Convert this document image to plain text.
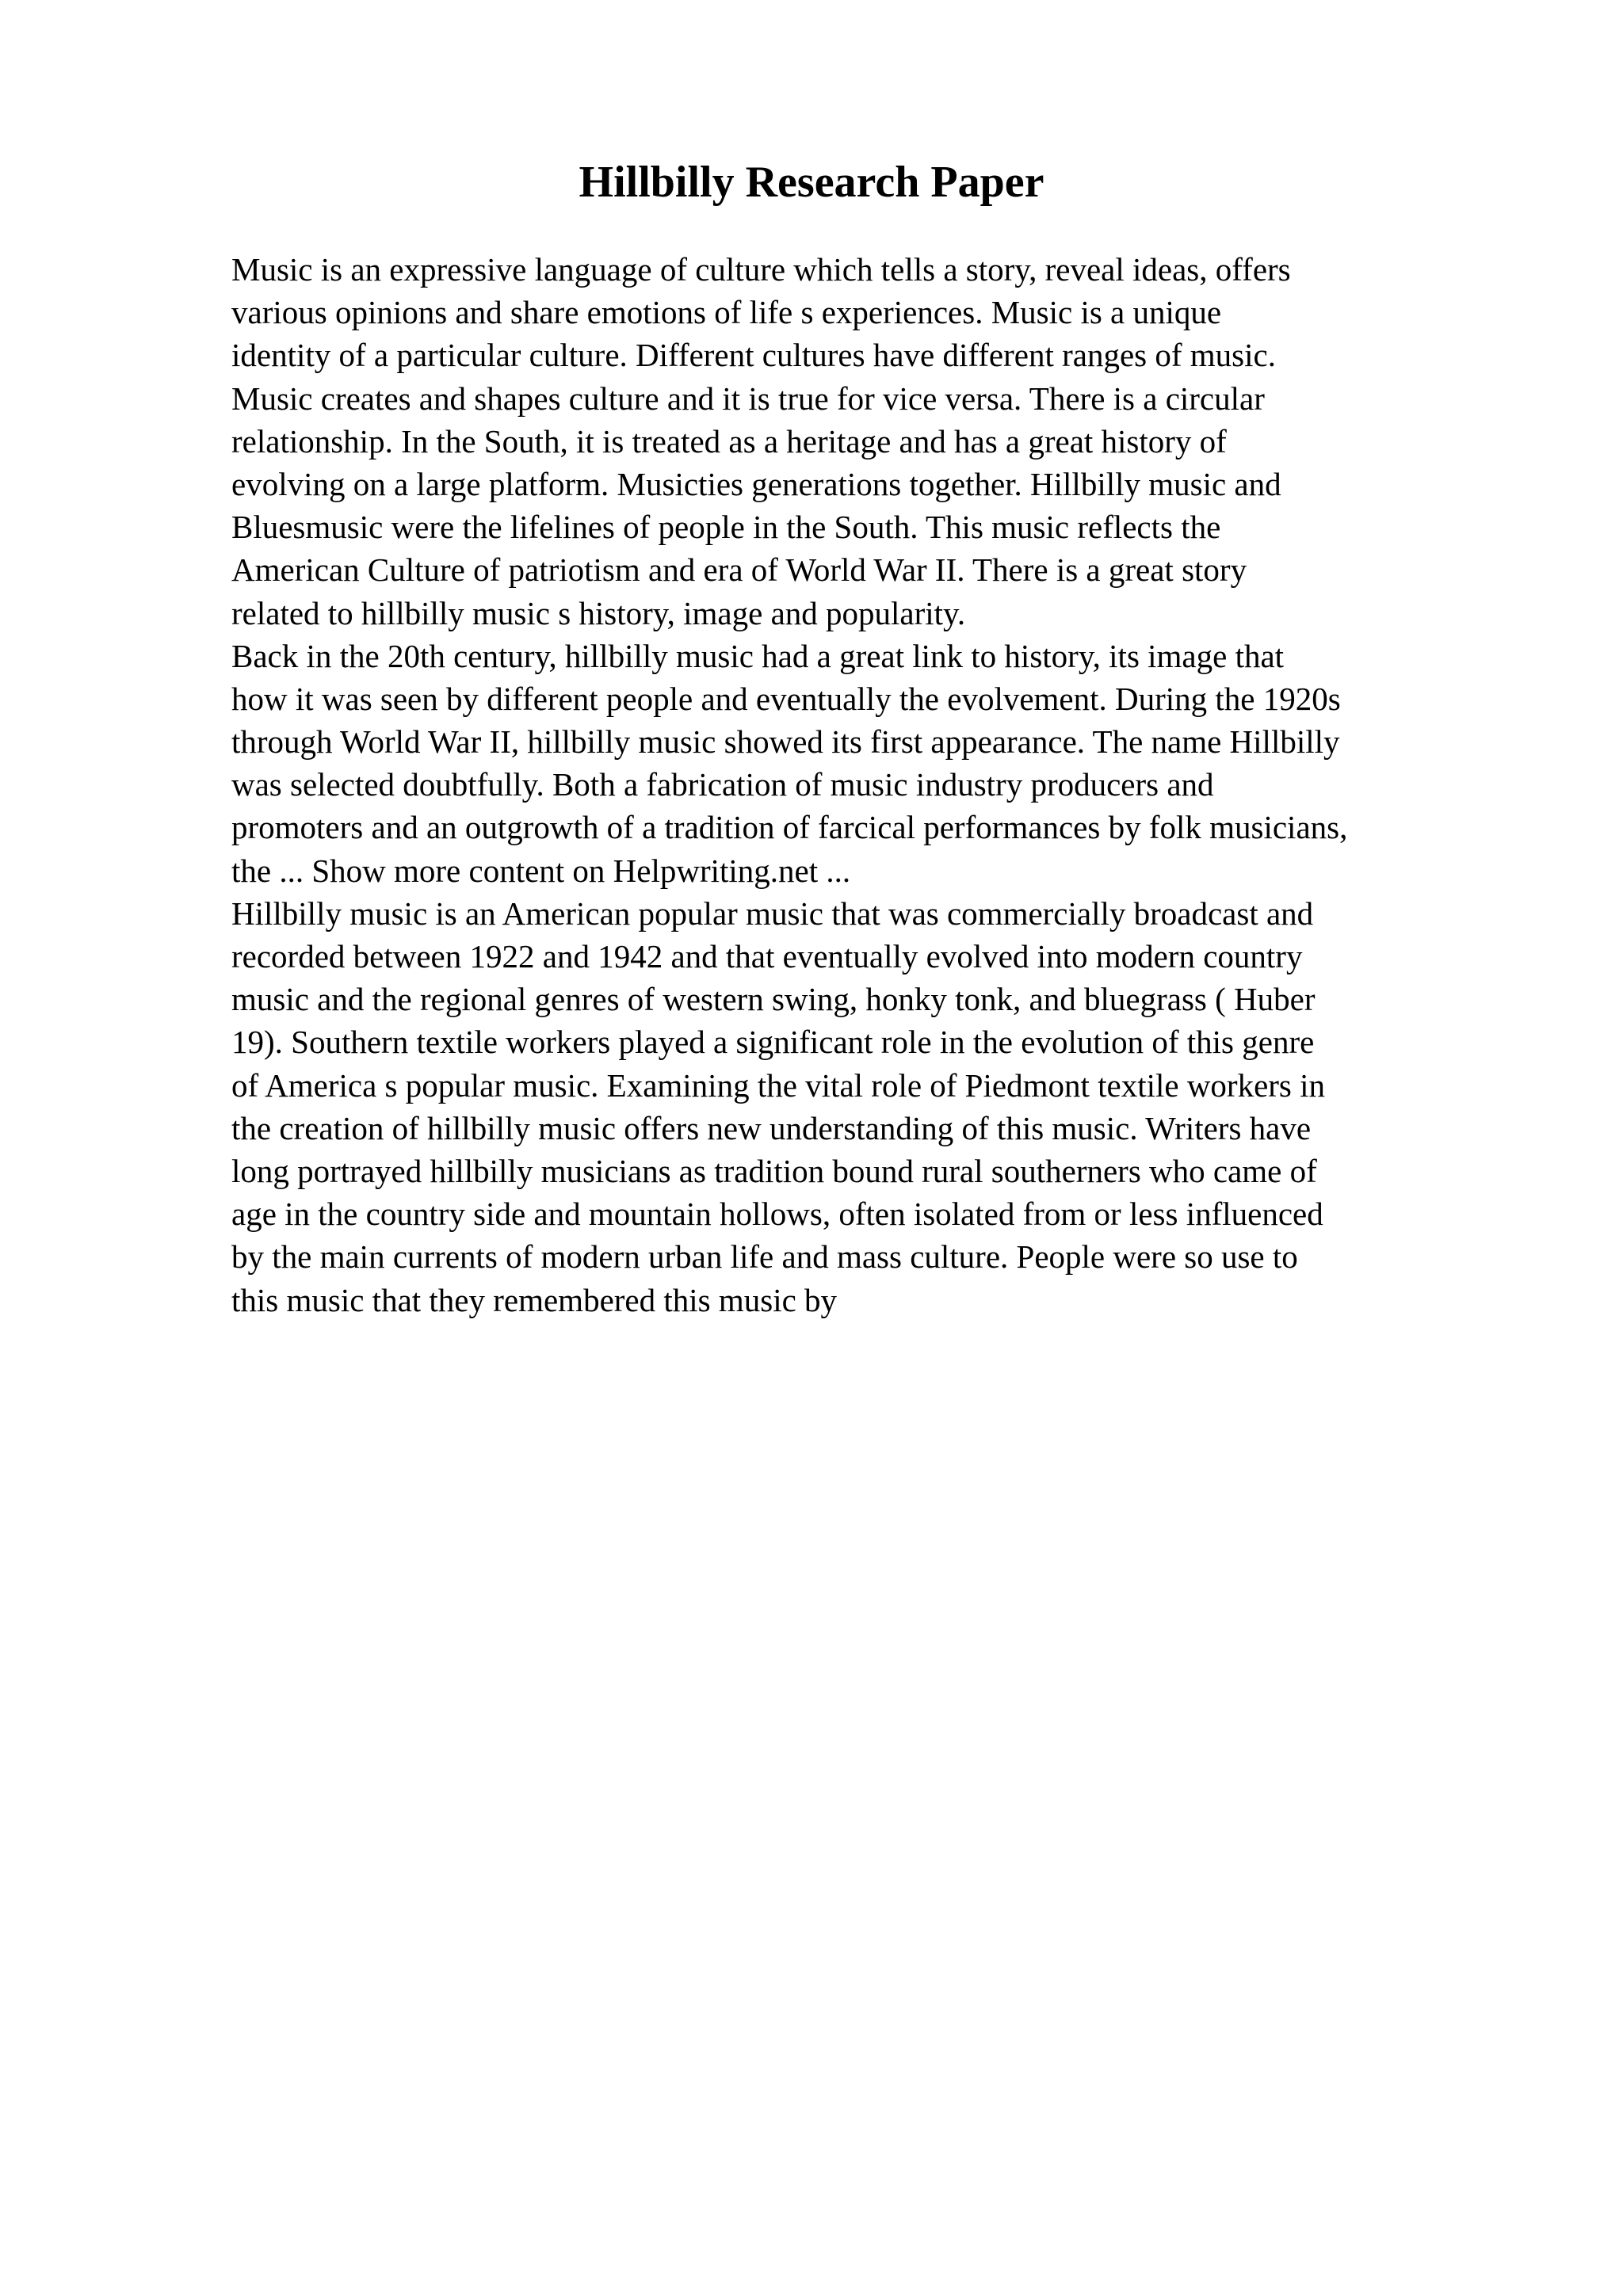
Hillbilly Research Paper
Music is an expressive language of culture which tells a story, reveal ideas, offers
various opinions and share emotions of life s experiences. Music is a unique
identity of a particular culture. Different cultures have different ranges of music.
Music creates and shapes culture and it is true for vice versa. There is a circular
relationship. In the South, it is treated as a heritage and has a great history of
evolving on a large platform. Musicties generations together. Hillbilly music and
Bluesmusic were the lifelines of people in the South. This music reflects the
American Culture of patriotism and era of World War II. There is a great story
related to hillbilly music s history, image and popularity.
Back in the 20th century, hillbilly music had a great link to history, its image that
how it was seen by different people and eventually the evolvement. During the 1920s
through World War II, hillbilly music showed its first appearance. The name Hillbilly
was selected doubtfully. Both a fabrication of music industry producers and
promoters and an outgrowth of a tradition of farcical performances by folk musicians,
the ... Show more content on Helpwriting.net ...
Hillbilly music is an American popular music that was commercially broadcast and
recorded between 1922 and 1942 and that eventually evolved into modern country
music and the regional genres of western swing, honky tonk, and bluegrass ( Huber
19). Southern textile workers played a significant role in the evolution of this genre
of America s popular music. Examining the vital role of Piedmont textile workers in
the creation of hillbilly music offers new understanding of this music. Writers have
long portrayed hillbilly musicians as tradition bound rural southerners who came of
age in the country side and mountain hollows, often isolated from or less influenced
by the main currents of modern urban life and mass culture. People were so use to
this music that they remembered this music by
